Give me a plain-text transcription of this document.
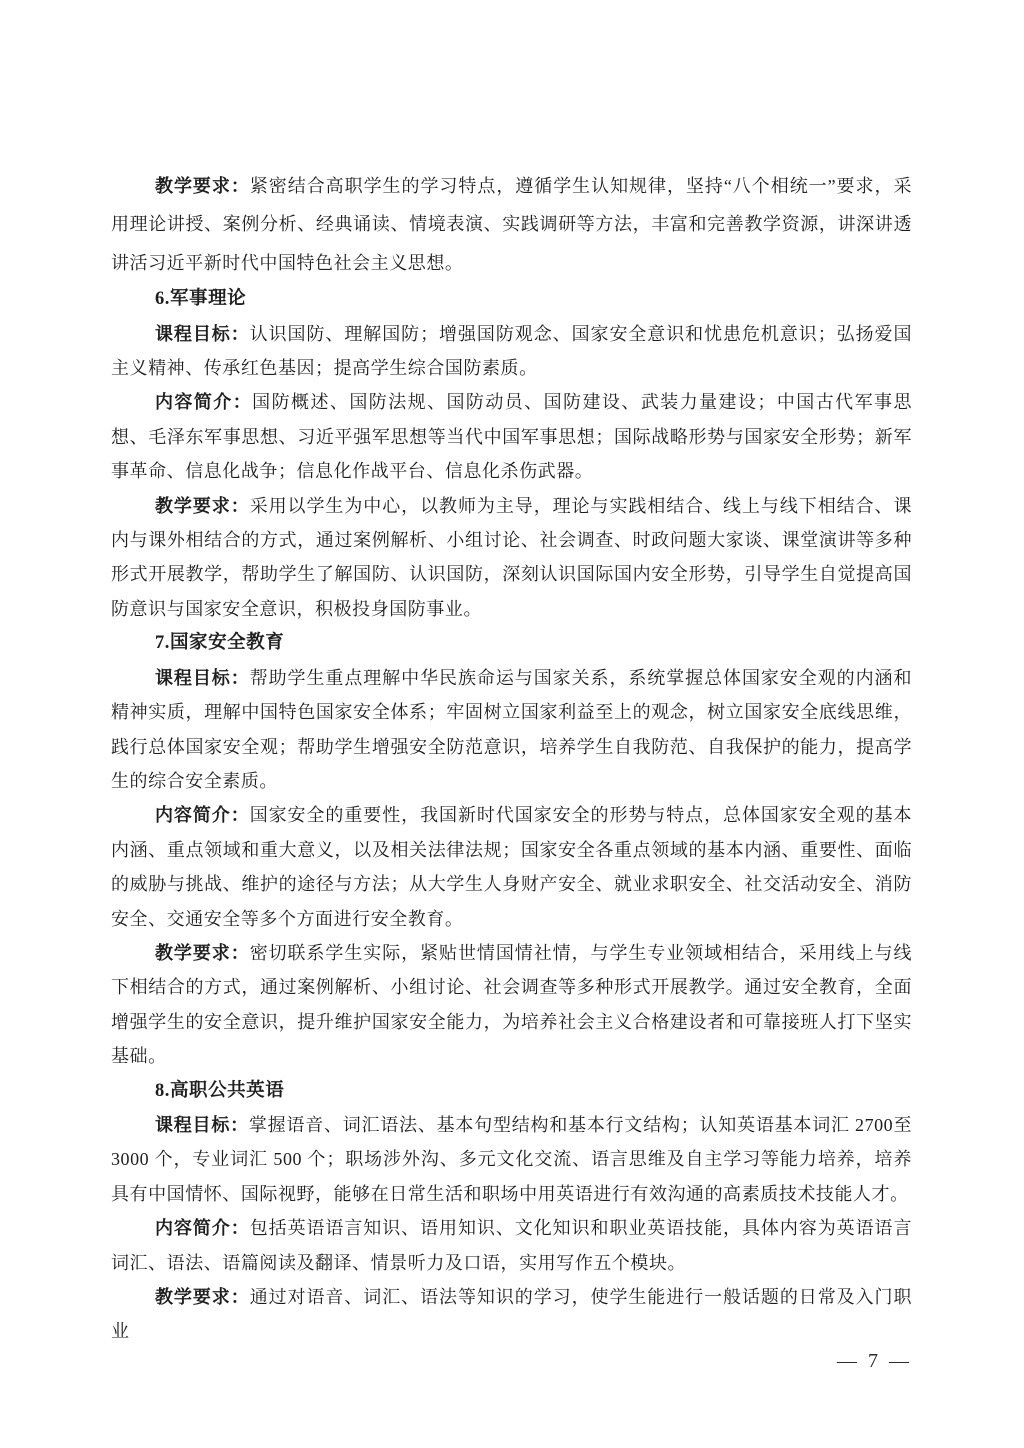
教学要求：紧密结合高职学生的学习特点，遵循学生认知规律，坚持“八个相统一”要求，采用理论讲授、案例分析、经典诵读、情境表演、实践调研等方法，丰富和完善教学资源，讲深讲透讲活习近平新时代中国特色社会主义思想。

6.军事理论

课程目标：认识国防、理解国防；增强国防观念、国家安全意识和忧患危机意识；弘扬爱国主义精神、传承红色基因；提高学生综合国防素质。

内容简介：国防概述、国防法规、国防动员、国防建设、武装力量建设；中国古代军事思想、毛泽东军事思想、习近平强军思想等当代中国军事思想；国际战略形势与国家安全形势；新军事革命、信息化战争；信息化作战平台、信息化杀伤武器。

教学要求：采用以学生为中心，以教师为主导，理论与实践相结合、线上与线下相结合、课内与课外相结合的方式，通过案例解析、小组讨论、社会调查、时政问题大家谈、课堂演讲等多种形式开展教学，帮助学生了解国防、认识国防，深刻认识国际国内安全形势，引导学生自觉提高国防意识与国家安全意识，积极投身国防事业。

7.国家安全教育

课程目标：帮助学生重点理解中华民族命运与国家关系，系统掌握总体国家安全观的内涵和精神实质，理解中国特色国家安全体系；牢固树立国家利益至上的观念，树立国家安全底线思维，践行总体国家安全观；帮助学生增强安全防范意识，培养学生自我防范、自我保护的能力，提高学生的综合安全素质。

内容简介：国家安全的重要性，我国新时代国家安全的形势与特点，总体国家安全观的基本内涵、重点领域和重大意义，以及相关法律法规；国家安全各重点领域的基本内涵、重要性、面临的威胁与挑战、维护的途径与方法；从大学生人身财产安全、就业求职安全、社交活动安全、消防安全、交通安全等多个方面进行安全教育。

教学要求：密切联系学生实际，紧贴世情国情社情，与学生专业领域相结合，采用线上与线下相结合的方式，通过案例解析、小组讨论、社会调查等多种形式开展教学。通过安全教育，全面增强学生的安全意识，提升维护国家安全能力，为培养社会主义合格建设者和可靠接班人打下坚实基础。

8.高职公共英语

课程目标：掌握语音、词汇语法、基本句型结构和基本行文结构；认知英语基本词汇 2700至3000 个，专业词汇 500 个；职场涉外沟、多元文化交流、语言思维及自主学习等能力培养，培养具有中国情怀、国际视野，能够在日常生活和职场中用英语进行有效沟通的高素质技术技能人才。

内容简介：包括英语语言知识、语用知识、文化知识和职业英语技能，具体内容为英语语言词汇、语法、语篇阅读及翻译、情景听力及口语，实用写作五个模块。

教学要求：通过对语音、词汇、语法等知识的学习，使学生能进行一般话题的日常及入门职业

— 7 —
